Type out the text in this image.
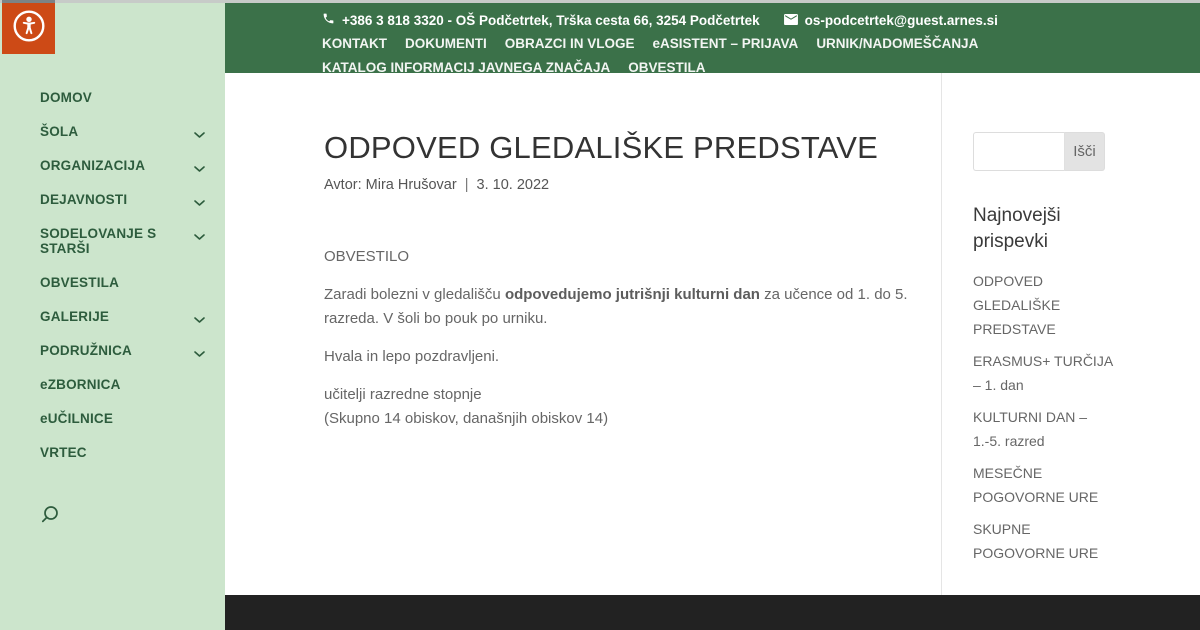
DOMOV
ŠOLA
ORGANIZACIJA
DEJAVNOSTI
SODELOVANJE S STARŠI
OBVESTILA
GALERIJE
PODRUŽNICA
eZBORNICA
eUČILNICE
VRTEC
+386 3 818 3320 - OŠ Podčetrtek, Trška cesta 66, 3254 Podčetrtek	os-podcetrtek@guest.arnes.si
KONTAKT DOKUMENTI OBRAZCI IN VLOGE eASISTENT – PRIJAVA URNIK/NADOMEŠČANJA
KATALOG INFORMACIJ JAVNEGA ZNAČAJA OBVESTILA
ODPOVED GLEDALIŠKE PREDSTAVE
Avtor: Mira Hrušovar | 3. 10. 2022

OBVESTILO

Zaradi bolezni v gledališču odpovedujemo jutrišnji kulturni dan za učence od 1. do 5. razreda. V šoli bo pouk po urniku.

Hvala in lepo pozdravljeni.

učitelji razredne stopnje
(Skupno 14 obiskov, današnjih obiskov 14)
Išči
Najnovejši prispevki
ODPOVED GLEDALIŠKE PREDSTAVE
ERASMUS+ TURČIJA – 1. dan
KULTURNI DAN – 1.-5. razred
MESEČNE POGOVORNE URE
SKUPNE POGOVORNE URE
